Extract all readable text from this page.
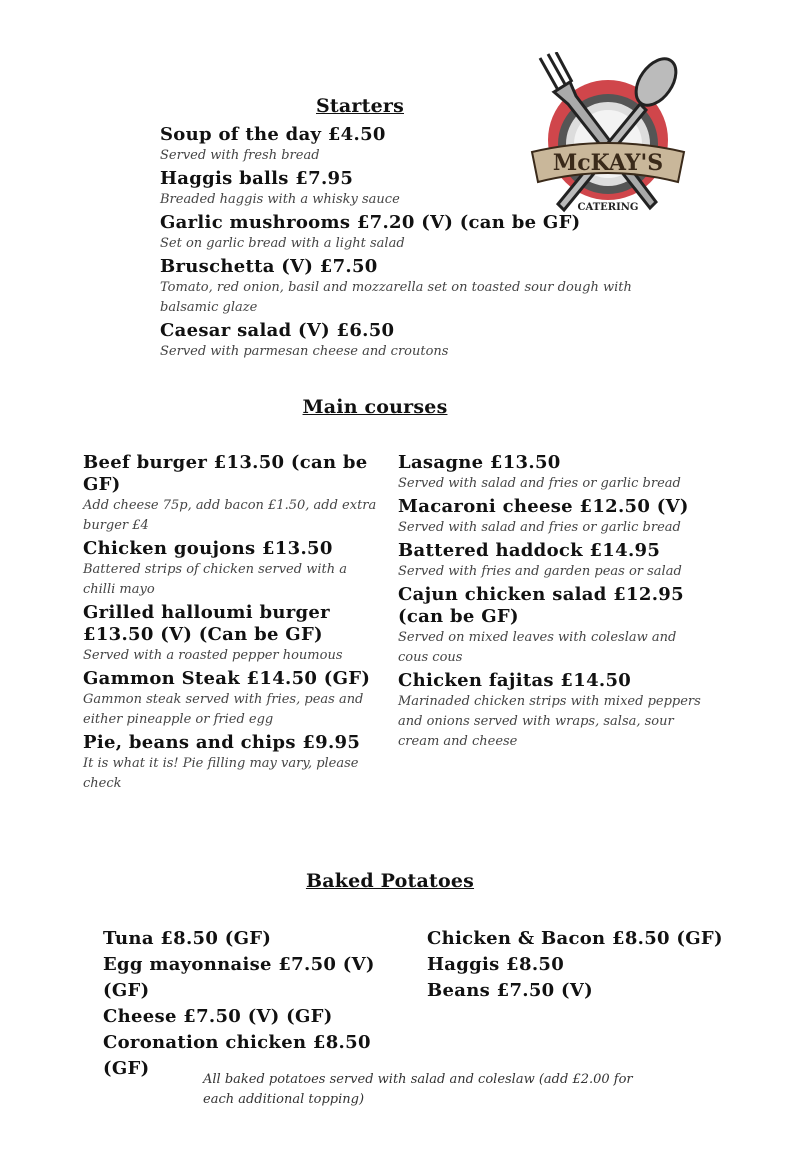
McKAY'S
CATERING
Starters
Soup of the day £4.50
Served with fresh bread
Haggis balls £7.95
Breaded haggis with a whisky sauce
Garlic mushrooms £7.20 (V) (can be GF)
Set on garlic bread with a light salad
Bruschetta (V) £7.50
Tomato, red onion, basil and mozzarella set on toasted sour dough with balsamic glaze
Caesar salad (V) £6.50
Served with parmesan cheese and croutons
Main courses
Beef burger £13.50 (can be GF)
Add cheese 75p, add bacon £1.50, add extra burger £4
Chicken goujons £13.50
Battered strips of chicken served with a chilli mayo
Grilled halloumi burger £13.50 (V) (Can be GF)
Served with a roasted pepper houmous
Gammon Steak £14.50 (GF)
Gammon steak served with fries, peas and either pineapple or fried egg
Pie, beans and chips £9.95
It is what it is! Pie filling may vary, please check
Lasagne £13.50
Served with salad and fries or garlic bread
Macaroni cheese £12.50 (V)
Served with salad and fries or garlic bread
Battered haddock £14.95
Served with fries and garden peas or salad
Cajun chicken salad £12.95 (can be GF)
Served on mixed leaves with coleslaw and cous cous
Chicken fajitas £14.50
Marinaded chicken strips with mixed peppers and onions served with wraps, salsa, sour cream and cheese
Baked Potatoes
Tuna £8.50 (GF)
Egg mayonnaise £7.50 (V) (GF)
Cheese £7.50 (V) (GF)
Coronation chicken £8.50 (GF)
Chicken & Bacon £8.50 (GF)
Haggis £8.50
Beans £7.50 (V)
All baked potatoes served with salad and coleslaw (add £2.00 for each additional topping)
